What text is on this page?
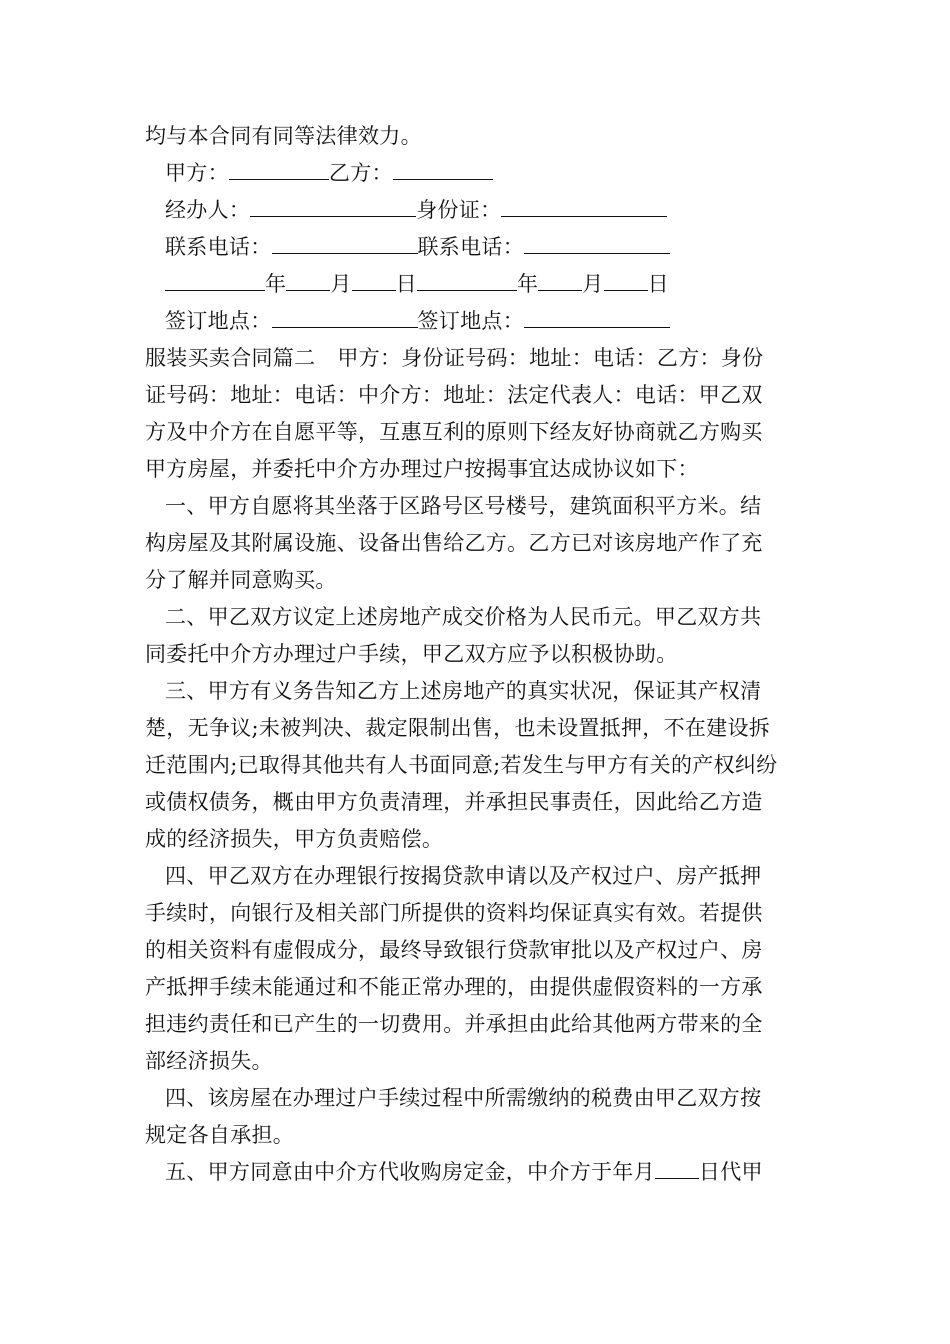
均与本合同有同等法律效力。
甲方：	乙方：
经办人：	身份证：
联系电话：	联系电话：
年 月 日	年 月 日
签订地点：	签订地点：
服装买卖合同篇二 甲方：身份证号码：地址：电话：乙方：身份
证号码：地址：电话：中介方：地址：法定代表人：电话：甲乙双
方及中介方在自愿平等，互惠互利的原则下经友好协商就乙方购买
甲方房屋，并委托中介方办理过户按揭事宜达成协议如下：
一、甲方自愿将其坐落于区路号区号楼号，建筑面积平方米。结
构房屋及其附属设施、设备出售给乙方。乙方已对该房地产作了充
分了解并同意购买。
二、甲乙双方议定上述房地产成交价格为人民币元。甲乙双方共
同委托中介方办理过户手续，甲乙双方应予以积极协助。
三、甲方有义务告知乙方上述房地产的真实状况，保证其产权清
楚，无争议;未被判决、裁定限制出售，也未设置抵押，不在建设拆
迁范围内;已取得其他共有人书面同意;若发生与甲方有关的产权纠纷
或债权债务，概由甲方负责清理，并承担民事责任，因此给乙方造
成的经济损失，甲方负责赔偿。
四、甲乙双方在办理银行按揭贷款申请以及产权过户、房产抵押
手续时，向银行及相关部门所提供的资料均保证真实有效。若提供
的相关资料有虚假成分，最终导致银行贷款审批以及产权过户、房
产抵押手续未能通过和不能正常办理的，由提供虚假资料的一方承
担违约责任和已产生的一切费用。并承担由此给其他两方带来的全
部经济损失。
四、该房屋在办理过户手续过程中所需缴纳的税费由甲乙双方按
规定各自承担。
五、甲方同意由中介方代收购房定金，中介方于年月 日代甲
